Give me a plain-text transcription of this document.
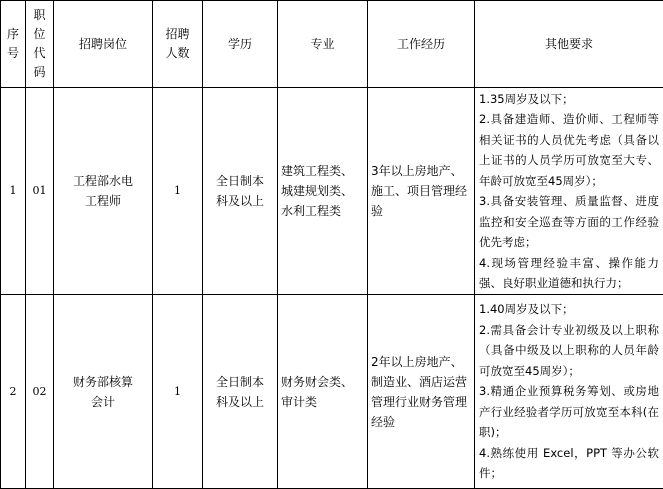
序号	职位代码	招聘岗位	招聘人数	学历	专业	工作经历	其他要求
1	01	工程部水电工程师	1	全日制本科及以上	建筑工程类、城建规划类、水利工程类	3年以上房地产、施工、项目管理经验	1.35周岁及以下；

2.具备建造师、造价师、工程师等相关证书的人员优先考虑（具备以上证书的人员学历可放宽至大专、年龄可放宽至45周岁）；

3.具备安装管理、质量监督、进度监控和安全巡查等方面的工作经验优先考虑；

4.现场管理经验丰富、操作能力强、良好职业道德和执行力；

2	02	财务部核算会计	1	全日制本科及以上	财务财会类、审计类	2年以上房地产、制造业、酒店运营管理行业财务管理经验	1.40周岁及以下；

2.需具备会计专业初级及以上职称（具备中级及以上职称的人员年龄可放宽至45周岁）；

3.精通企业预算税务筹划、或房地产行业经验者学历可放宽至本科(在职)；

4.熟练使用 Excel，PPT 等办公软件；
